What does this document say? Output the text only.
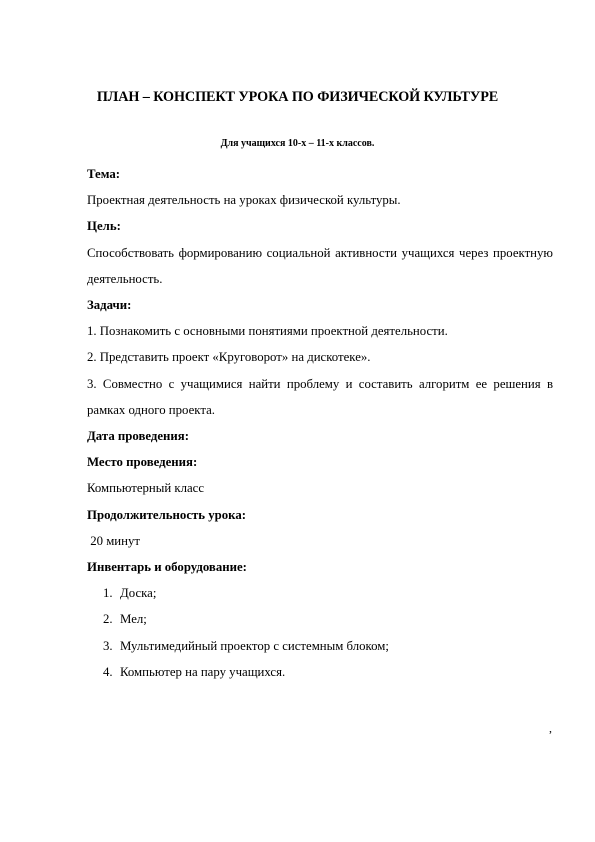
ПЛАН – КОНСПЕКТ УРОКА ПО ФИЗИЧЕСКОЙ КУЛЬТУРЕ
Для учащихся 10-х – 11-х классов.

Тема:

Проектная деятельность на уроках физической культуры.

Цель:

Способствовать формированию социальной активности учащихся через проектную деятельность.

Задачи:

1. Познакомить с основными понятиями проектной деятельности.

2. Представить проект «Круговорот» на дискотеке».

3. Совместно с учащимися найти проблему и составить алгоритм ее решения в рамках одного проекта.

Дата проведения:

Место проведения:

Компьютерный класс

Продолжительность урока:

20 минут

Инвентарь и оборудование:

1. Доска;
2. Мел;
3. Мультимедийный проектор с системным блоком;
4. Компьютер на пару учащихся.
,
